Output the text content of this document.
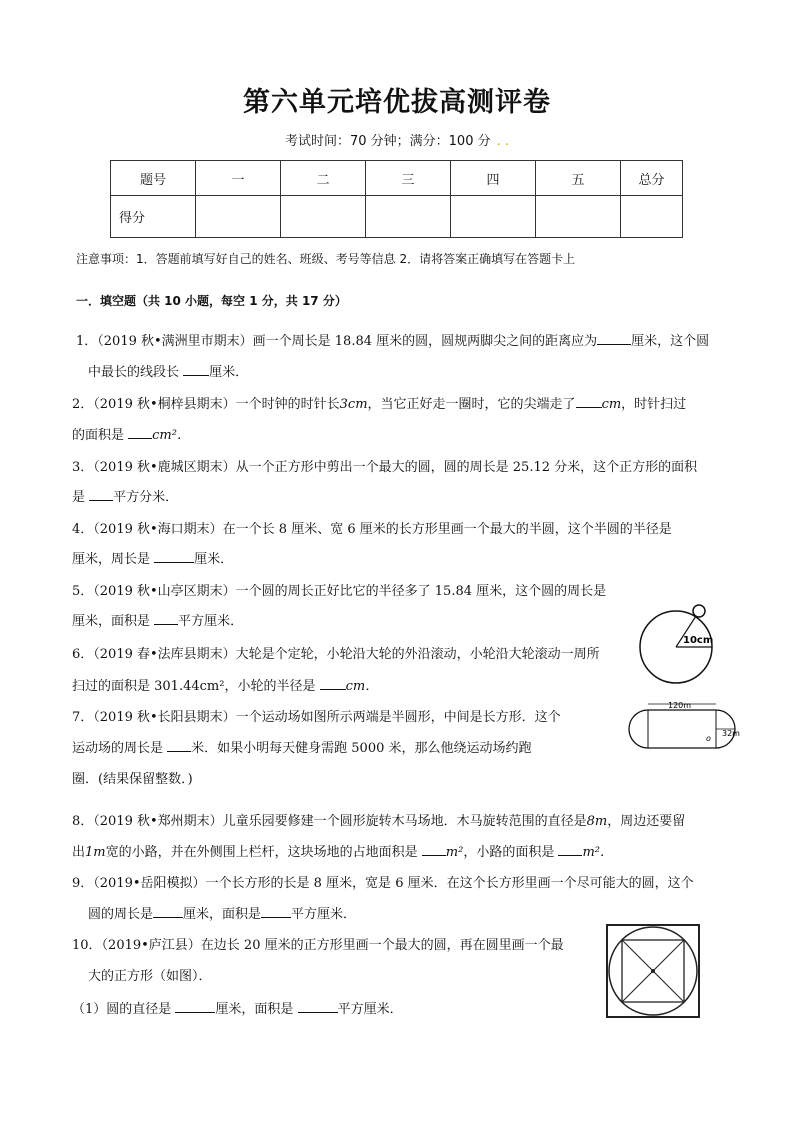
第六单元培优拔高测评卷
考试时间：70 分钟；满分：100 分 . .
题号	一	二	三	四	五	总分
得分						
注意事项：1．答题前填写好自己的姓名、班级、考号等信息 2．请将答案正确填写在答题卡上
一．填空题（共 10 小题，每空 1 分，共 17 分）
1．（2019 秋•满洲里市期末）画一个周长是 18.84 厘米的圆，圆规两脚尖之间的距离应为	厘米，这个圆
中最长的线段长 厘米．
2．（2019 秋•桐梓县期末）一个时钟的时针长3cm，当它正好走一圈时，它的尖端走了 cm，时针扫过
的面积是 cm²．
3．（2019 秋•鹿城区期末）从一个正方形中剪出一个最大的圆，圆的周长是 25.12 分米，这个正方形的面积
是 平方分米．
4．（2019 秋•海口期末）在一个长 8 厘米、宽 6 厘米的长方形里画一个最大的半圆，这个半圆的半径是
厘米，周长是	厘米．
5．（2019 秋•山亭区期末）一个圆的周长正好比它的半径多了 15.84 厘米，这个圆的周长是
厘米，面积是 平方厘米．
6．（2019 春•法库县期末）大轮是个定轮，小轮沿大轮的外沿滚动，小轮沿大轮滚动一周所
扫过的面积是 301.44cm²，小轮的半径是 cm．
7．（2019 秋•长阳县期末）一个运动场如图所示两端是半圆形，中间是长方形．这个
运动场的周长是 米．如果小明每天健身需跑 5000 米，那么他绕运动场约跑
圈．(结果保留整数．)
8．（2019 秋•郑州期末）儿童乐园要修建一个圆形旋转木马场地．木马旋转范围的直径是8m，周边还要留
出1m宽的小路，并在外侧围上栏杆，这块场地的占地面积是 m²，小路的面积是 m²．
9．（2019•岳阳模拟）一个长方形的长是 8 厘米，宽是 6 厘米．在这个长方形里画一个尽可能大的圆，这个
圆的周长是 厘米，面积是 平方厘米．
10．（2019•庐江县）在边长 20 厘米的正方形里画一个最大的圆，再在圆里画一个最
大的正方形（如图）．
（1）圆的直径是	厘米，面积是	平方厘米．
10cm
120m
o
32m
